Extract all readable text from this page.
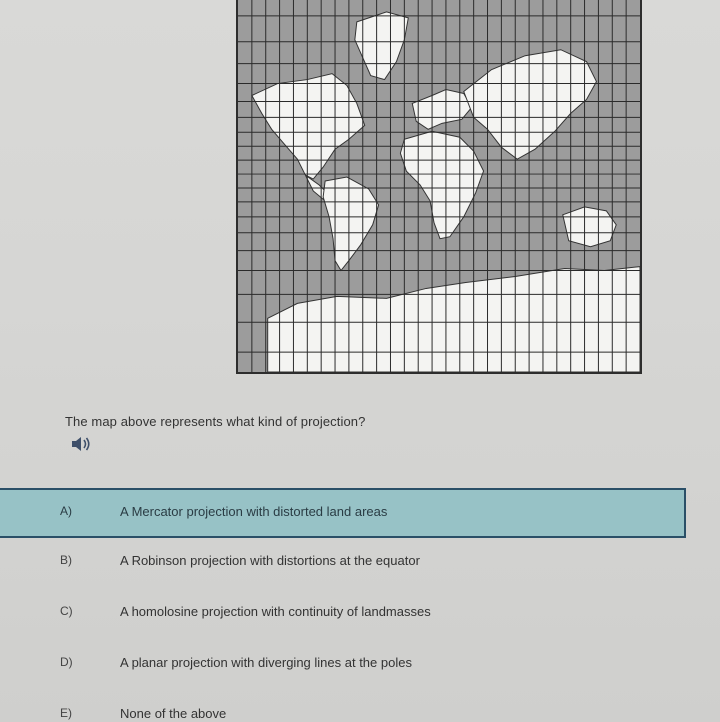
The map above represents what kind of projection?
A)	A Mercator projection with distorted land areas
B)	A Robinson projection with distortions at the equator
C)	A homolosine projection with continuity of landmasses
D)	A planar projection with diverging lines at the poles
E)	None of the above
